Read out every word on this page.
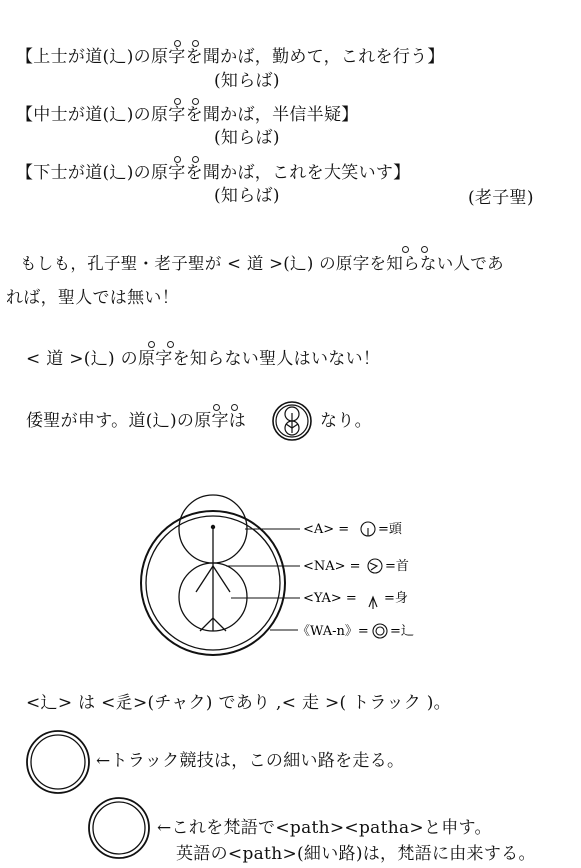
【上士が道(辶)の原字を聞かば，勤めて，これを行う】
(知らば)
【中士が道(辶)の原字を聞かば，半信半疑】
(知らば)
【下士が道(辶)の原字を聞かば，これを大笑いす】
(知らば)	(老子聖)
もしも，孔子聖・老子聖が < 道 >(辶) の原字を知らない人であ
れば，聖人では無い！
< 道 >(辶) の原字を知らない聖人はいない！
倭聖が申す。道(辶)の原字は	なり。
<A> = =頭
<NA> = =首
<YA> = =身
《WA-n》= =辶
<辶> は <辵>(チャク) であり ,< 走 >( トラック )。
←トラック競技は，この細い路を走る。
←これを梵語で<path><patha>と申す。
英語の<path>(細い路)は，梵語に由来する。
